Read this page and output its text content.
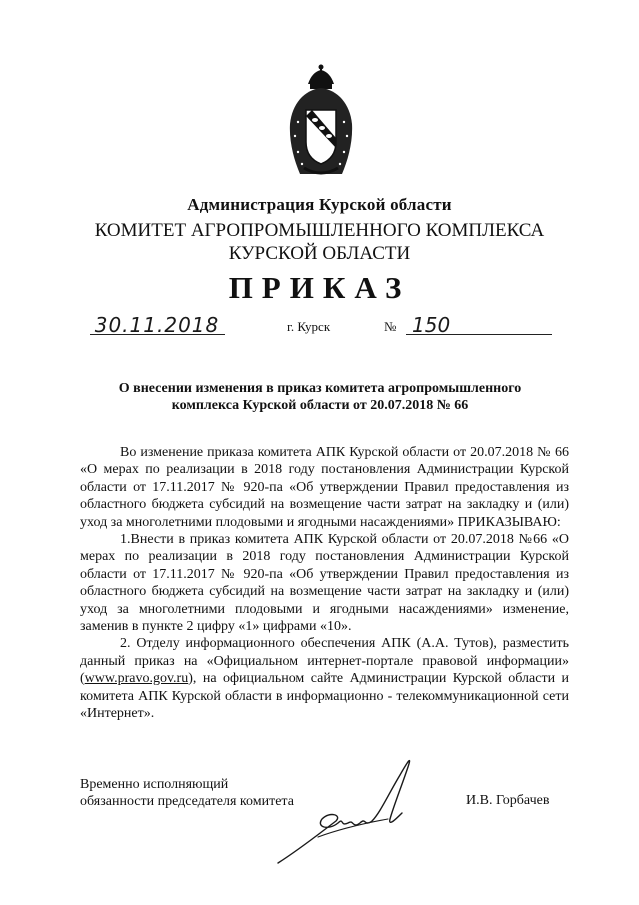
Администрация Курской области
КОМИТЕТ АГРОПРОМЫШЛЕННОГО КОМПЛЕКСА
КУРСКОЙ ОБЛАСТИ
ПРИКАЗ
30.11.2018	г. Курск	№ 150
О внесении изменения в приказ комитета агропромышленного
комплекса Курской области от 20.07.2018 № 66

Во изменение приказа комитета АПК Курской области от 20.07.2018 № 66 «О мерах по реализации в 2018 году постановления Администрации Курской области от 17.11.2017 № 920-па «Об утверждении Правил предоставления из областного бюджета субсидий на возмещение части затрат на закладку и (или) уход за многолетними плодовыми и ягодными насаждениями» ПРИКАЗЫВАЮ:

1.Внести в приказ комитета АПК Курской области от 20.07.2018 №66 «О мерах по реализации в 2018 году постановления Администрации Курской области от 17.11.2017 № 920-па «Об утверждении Правил предоставления из областного бюджета субсидий на возмещение части затрат на закладку и (или) уход за многолетними плодовыми и ягодными насаждениями» изменение, заменив в пункте 2 цифру «1» цифрами «10».

2. Отделу информационного обеспечения АПК (А.А. Тутов), разместить данный приказ на «Официальном интернет-портале правовой информации» (www.pravo.gov.ru), на официальном сайте Администрации Курской области и комитета АПК Курской области в информационно - телекоммуникационной сети «Интернет».

Временно исполняющий
обязанности председателя комитета	И.В. Горбачев
